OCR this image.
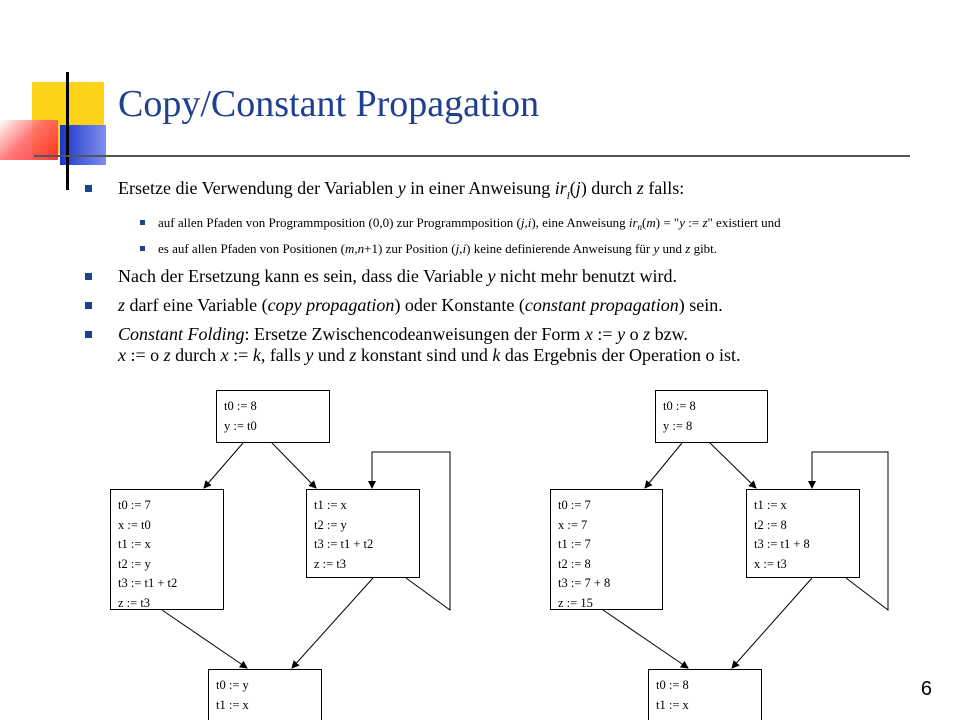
Copy/Constant Propagation
Ersetze die Verwendung der Variablen y in einer Anweisung $ir_l(j)$ durch z falls:
auf allen Pfaden von Programmposition (0,0) zur Programmposition (j,i), eine Anweisung $ir_n(m)$ = "y := z" existiert und
es auf allen Pfaden von Positionen (m,n+1) zur Position (j,i) keine definierende Anweisung für y und z gibt.
Nach der Ersetzung kann es sein, dass die Variable y nicht mehr benutzt wird.
z darf eine Variable (copy propagation) oder Konstante (constant propagation) sein.
Constant Folding: Ersetze Zwischencodeanweisungen der Form x := y o z bzw.
x := o z durch x := k, falls y und z konstant sind und k das Ergebnis der Operation o ist.
t0 := 8
y := t0
t0 := 7
x := t0
t1 := x
t2 := y
t3 := t1 + t2
z := t3
t1 := x
t2 := y
t3 := t1 + t2
z := t3
t0 := y
t1 := x
t0 := 8
y := 8
t0 := 7
x := 7
t1 := 7
t2 := 8
t3 := 7 + 8
z := 15
t1 := x
t2 := 8
t3 := t1 + 8
x := t3
t0 := 8
t1 := x
6
